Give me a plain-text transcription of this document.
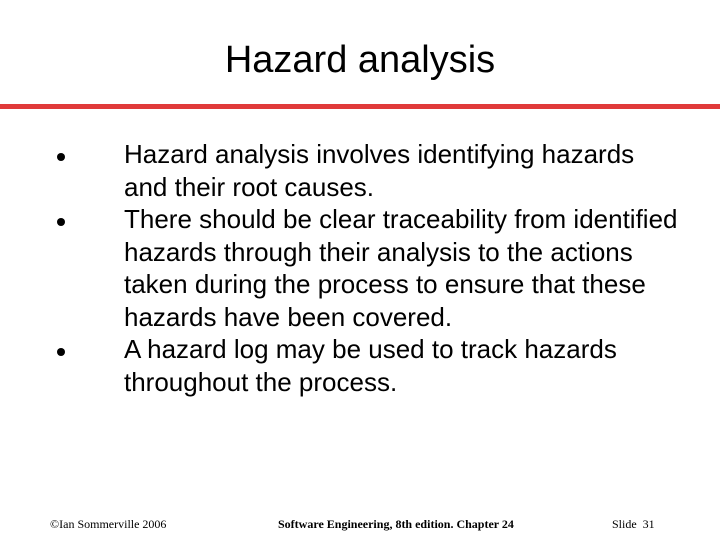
Hazard analysis
Hazard analysis involves identifying hazards and their root causes.
There should be clear traceability from identified hazards through their analysis to the actions taken during the process to ensure that these hazards have been covered.
A hazard log may be used to track hazards throughout the process.
©Ian Sommerville 2006	Software Engineering, 8th edition. Chapter 24	Slide  31
